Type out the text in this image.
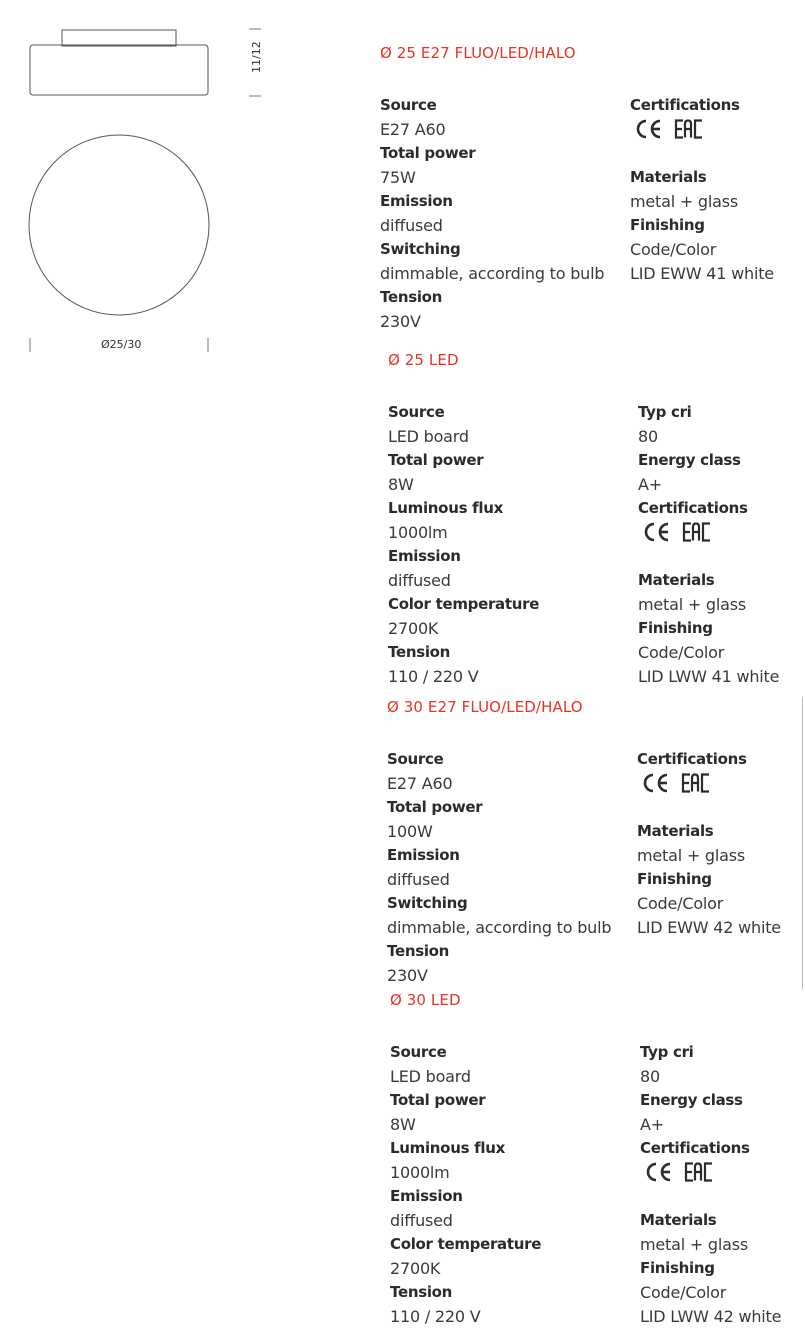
11/12
Ø25/30
Ø 25 E27 FLUO/LED/HALO
Source
E27 A60
Total power
75W
Emission
diffused
Switching
dimmable, according to bulb
Tension
230V
Certifications
Materials
metal + glass
Finishing
Code/Color
LID EWW 41 white
Ø 25 LED
Source
LED board
Total power
8W
Luminous flux
1000lm
Emission
diffused
Color temperature
2700K
Tension
110 / 220 V
Typ cri
80
Energy class
A+
Certifications
Materials
metal + glass
Finishing
Code/Color
LID LWW 41 white
Ø 30 E27 FLUO/LED/HALO
Source
E27 A60
Total power
100W
Emission
diffused
Switching
dimmable, according to bulb
Tension
230V
Certifications
Materials
metal + glass
Finishing
Code/Color
LID EWW 42 white
Ø 30 LED
Source
LED board
Total power
8W
Luminous flux
1000lm
Emission
diffused
Color temperature
2700K
Tension
110 / 220 V
Typ cri
80
Energy class
A+
Certifications
Materials
metal + glass
Finishing
Code/Color
LID LWW 42 white
